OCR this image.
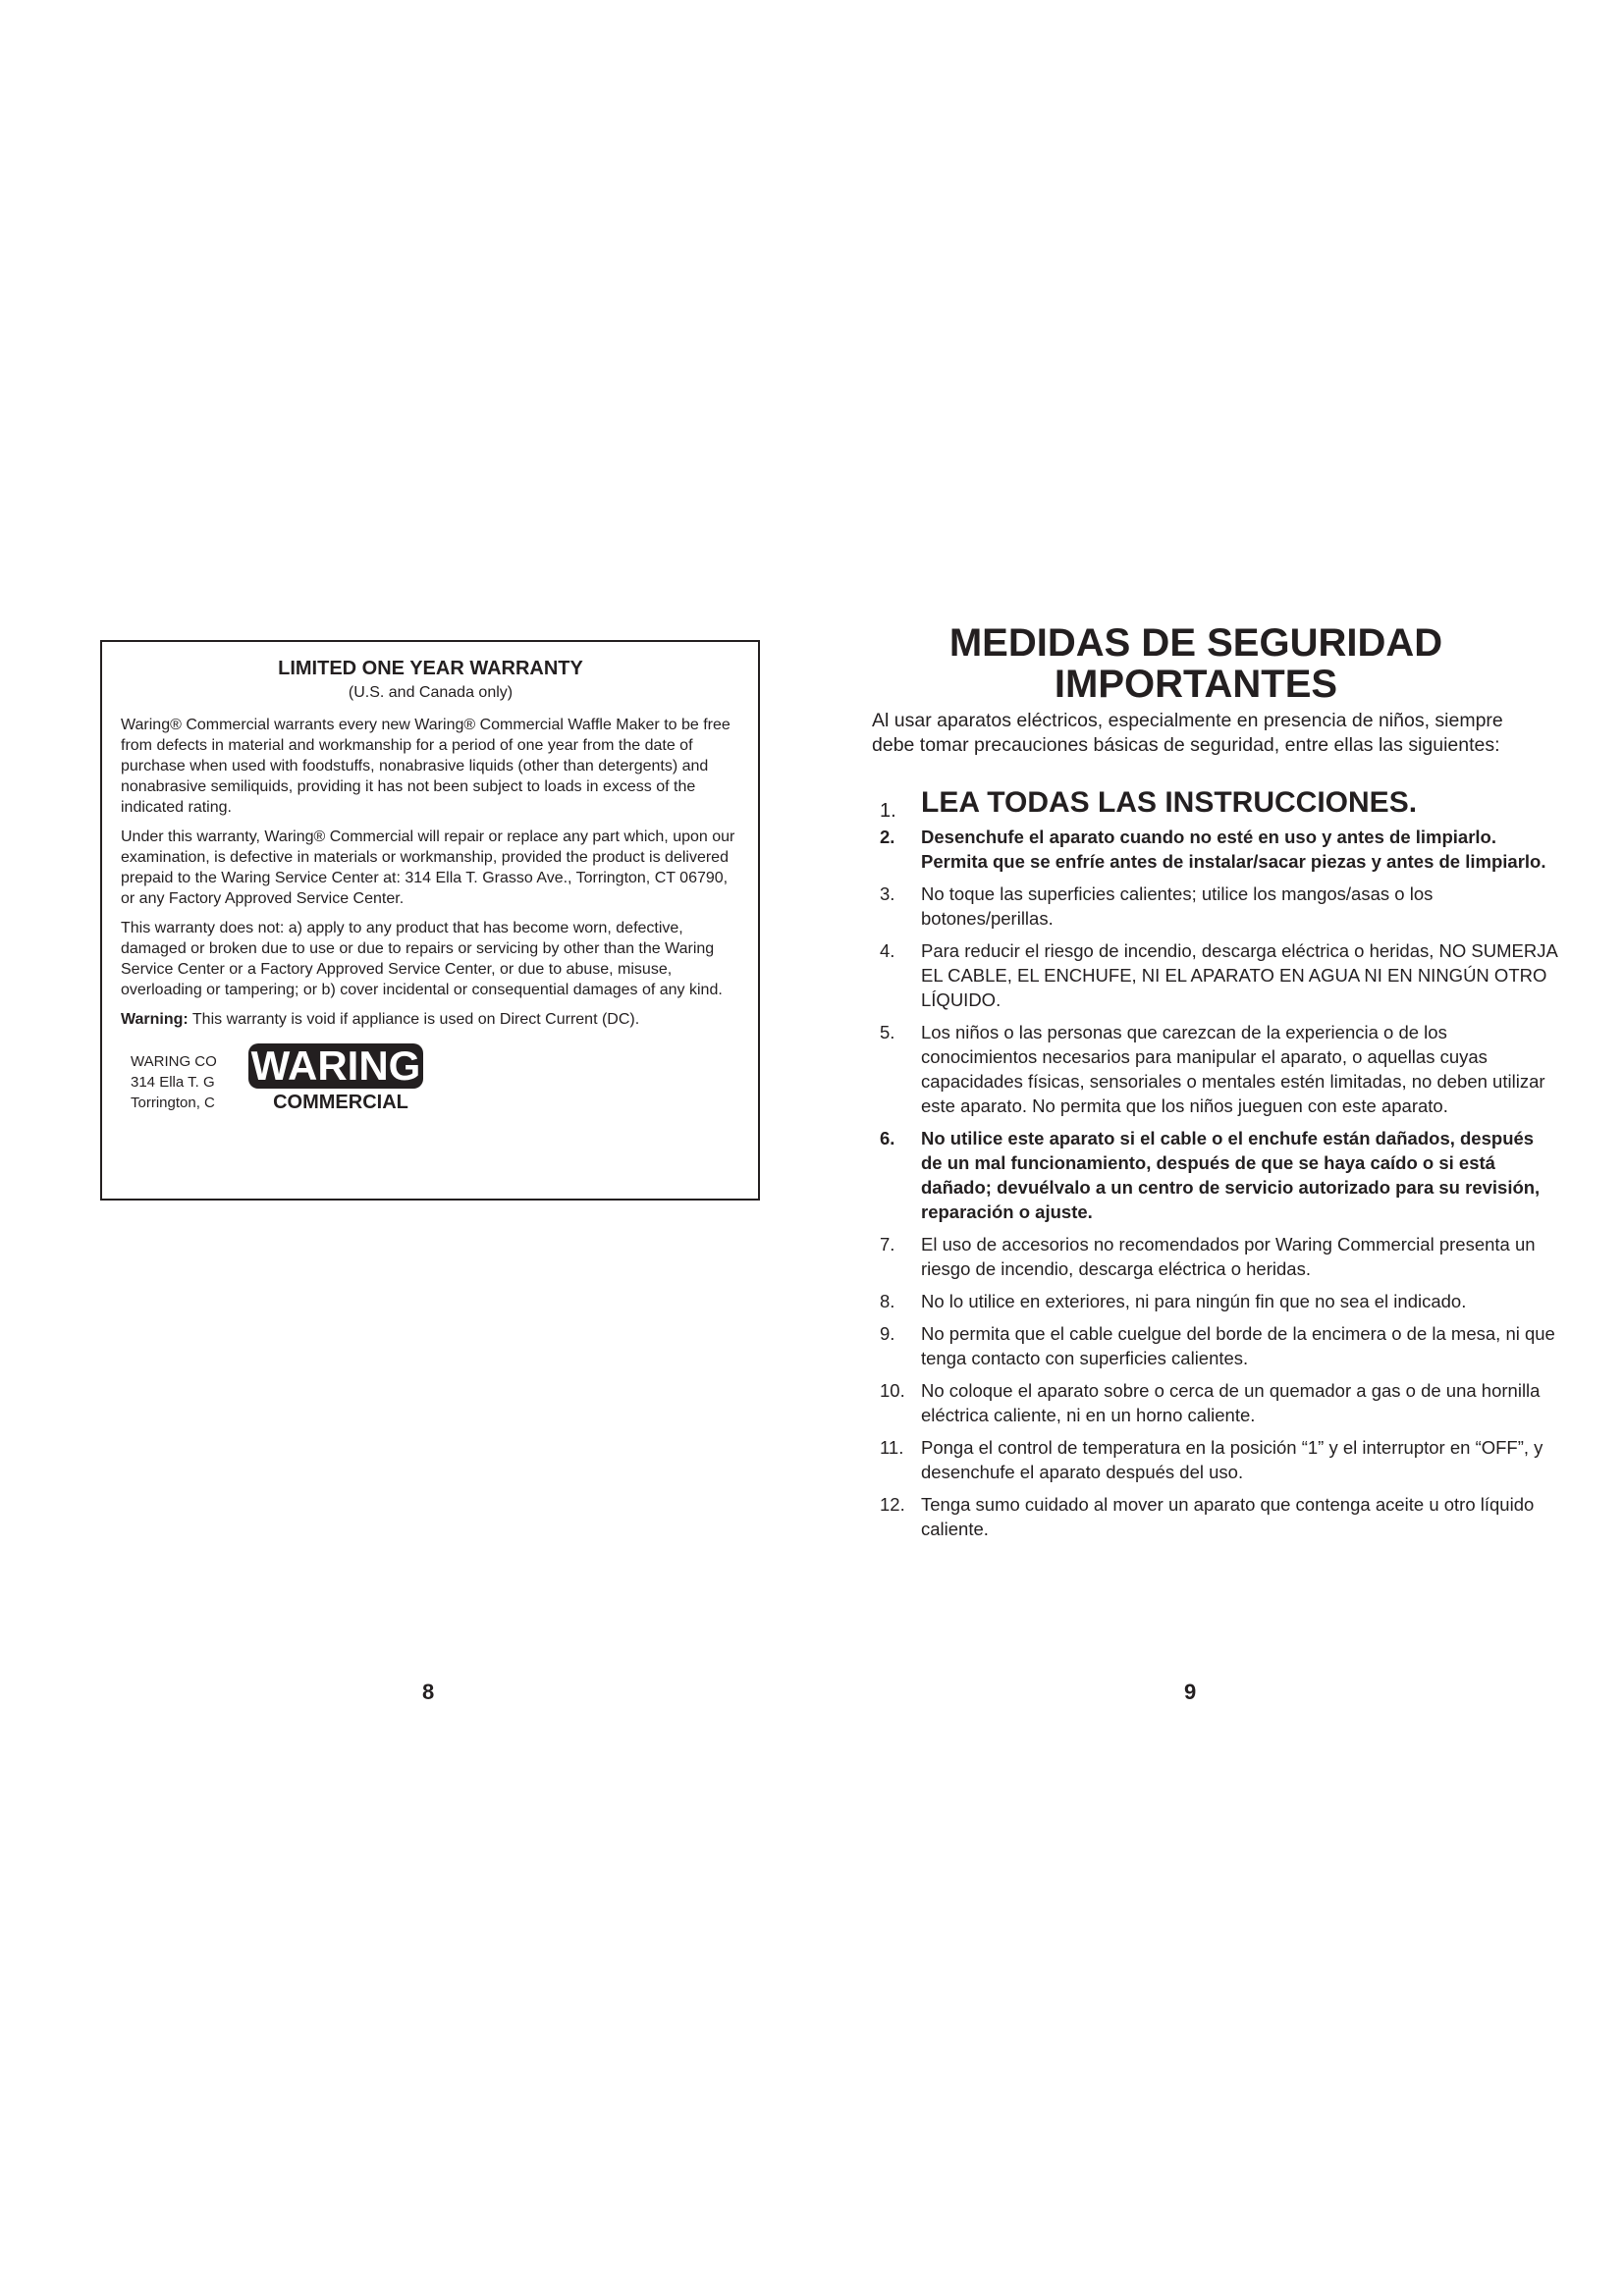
LIMITED ONE YEAR WARRANTY

(U.S. and Canada only)

Waring® Commercial warrants every new Waring® Commercial Waffle Maker to be free from defects in material and workmanship for a period of one year from the date of purchase when used with foodstuffs, nonabrasive liquids (other than detergents) and nonabrasive semiliquids, providing it has not been subject to loads in excess of the indicated rating.

Under this warranty, Waring® Commercial will repair or replace any part which, upon our examination, is defective in materials or workmanship, provided the product is delivered prepaid to the Waring Service Center at: 314 Ella T. Grasso Ave., Torrington, CT 06790, or any Factory Approved Service Center.

This warranty does not: a) apply to any product that has become worn, defective, damaged or broken due to use or due to repairs or servicing by other than the Waring Service Center or a Factory Approved Service Center, or due to abuse, misuse, overloading or tampering; or b) cover incidental or consequential damages of any kind.

Warning: This warranty is void if appliance is used on Direct Current (DC).

WARING CO
314 Ella T. G
Torrington, C
WARING
COMMERCIAL
8
MEDIDAS DE SEGURIDAD
IMPORTANTES

Al usar aparatos eléctricos, especialmente en presencia de niños, siempre debe tomar precauciones básicas de seguridad, entre ellas las siguientes:

1. LEA TODAS LAS INSTRUCCIONES.
2.	Desenchufe el aparato cuando no esté en uso y antes de limpiarlo. Permita que se enfríe antes de instalar/sacar piezas y antes de limpiarlo.
3.	No toque las superficies calientes; utilice los mangos/asas o los botones/perillas.
4.	Para reducir el riesgo de incendio, descarga eléctrica o heridas, NO SUMERJA EL CABLE, EL ENCHUFE, NI EL APARATO EN AGUA NI EN NINGÚN OTRO LÍQUIDO.
5.	Los niños o las personas que carezcan de la experiencia o de los conocimientos necesarios para manipular el aparato, o aquellas cuyas capacidades físicas, sensoriales o mentales estén limitadas, no deben utilizar este aparato. No permita que los niños jueguen con este aparato.
6.	No utilice este aparato si el cable o el enchufe están dañados, después de un mal funcionamiento, después de que se haya caído o si está dañado; devuélvalo a un centro de servicio autorizado para su revisión, reparación o ajuste.
7.	El uso de accesorios no recomendados por Waring Commercial presenta un riesgo de incendio, descarga eléctrica o heridas.
8.	No lo utilice en exteriores, ni para ningún fin que no sea el indicado.
9.	No permita que el cable cuelgue del borde de la encimera o de la mesa, ni que tenga contacto con superficies calientes.
10. No coloque el aparato sobre o cerca de un quemador a gas o de una hornilla eléctrica caliente, ni en un horno caliente.
11. Ponga el control de temperatura en la posición “1” y el interruptor en “OFF”, y desenchufe el aparato después del uso.
12. Tenga sumo cuidado al mover un aparato que contenga aceite u otro líquido caliente.
9
